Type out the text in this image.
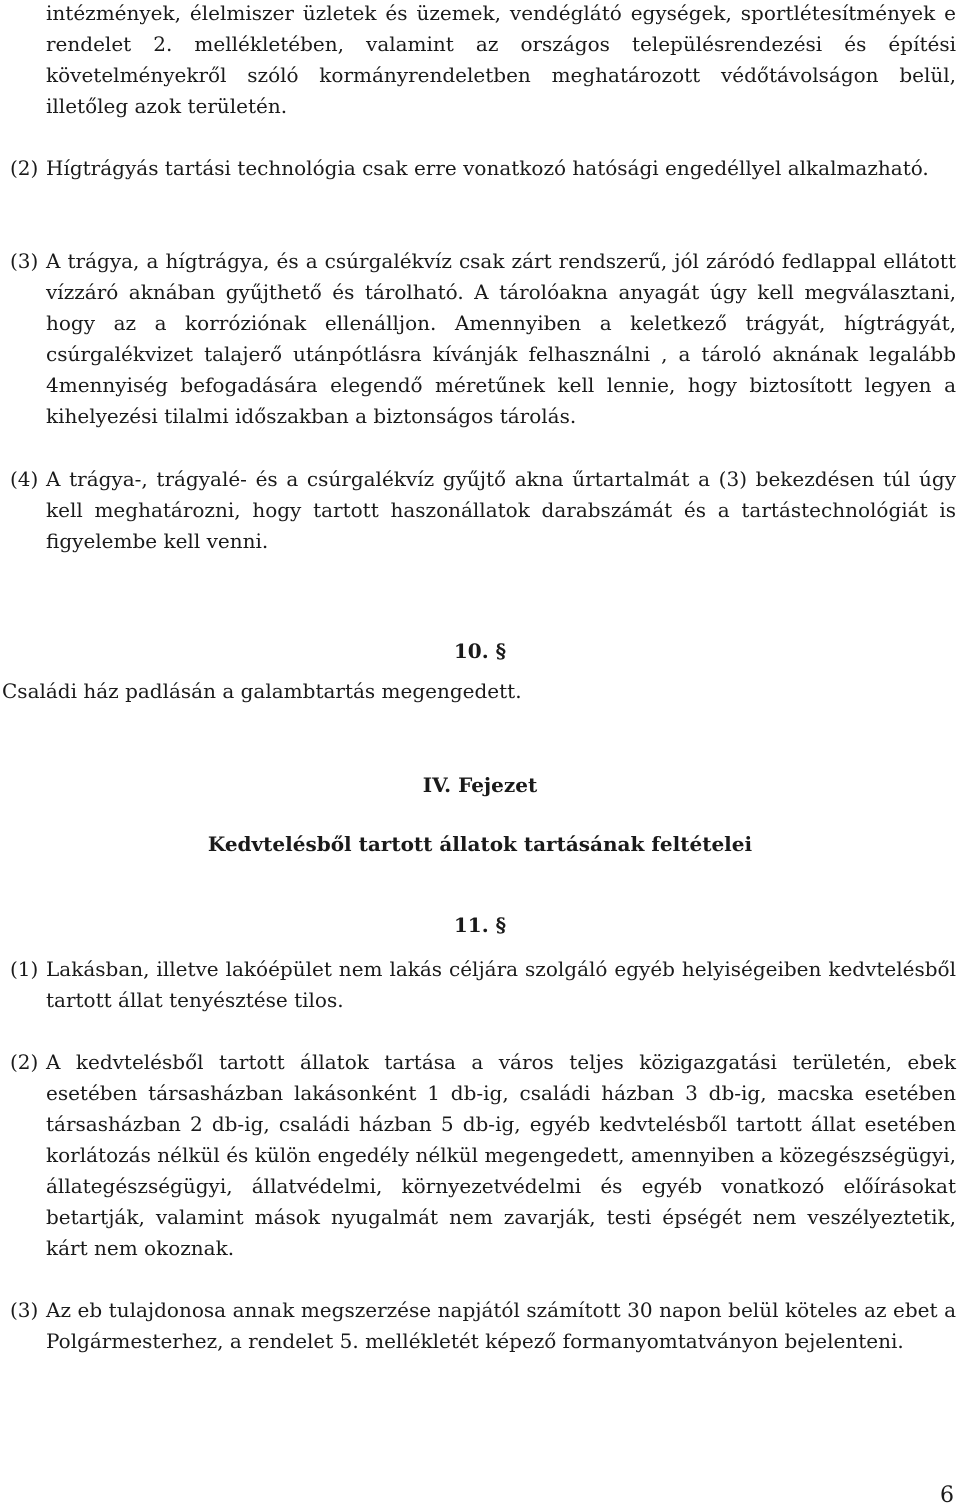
intézmények, élelmiszer üzletek és üzemek, vendéglátó egységek, sportlétesítmények e rendelet 2. mellékletében, valamint az országos településrendezési és építési követelményekről szóló kormányrendeletben meghatározott védőtávolságon belül, illetőleg azok területén.

(2) Hígtrágyás tartási technológia csak erre vonatkozó hatósági engedéllyel alkalmazható.
(3) A trágya, a hígtrágya, és a csúrgalékvíz csak zárt rendszerű, jól záródó fedlappal ellátott vízzáró aknában gyűjthető és tárolható. A tárolóakna anyagát úgy kell megválasztani, hogy az a korróziónak ellenálljon. Amennyiben a keletkező trágyát, hígtrágyát, csúrgalékvizet talajerő utánpótlásra kívánják felhasználni , a tároló aknának legalább 4mennyiség befogadására elegendő méretűnek kell lennie, hogy biztosított legyen a kihelyezési tilalmi időszakban a biztonságos tárolás.
(4) A trágya-, trágyalé- és a csúrgalékvíz gyűjtő akna űrtartalmát a (3) bekezdésen túl úgy kell meghatározni, hogy tartott haszonállatok darabszámát és a tartástechnológiát is figyelembe kell venni.

10. §

Családi ház padlásán a galambtartás megengedett.

IV. Fejezet

Kedvtelésből tartott állatok tartásának feltételei

11. §

(1) Lakásban, illetve lakóépület nem lakás céljára szolgáló egyéb helyiségeiben kedvtelésből tartott állat tenyésztése tilos.
(2) A kedvtelésből tartott állatok tartása a város teljes közigazgatási területén, ebek esetében társasházban lakásonként 1 db-ig, családi házban 3 db-ig, macska esetében társasházban 2 db-ig, családi házban 5 db-ig, egyéb kedvtelésből tartott állat esetében korlátozás nélkül és külön engedély nélkül megengedett, amennyiben a közegészségügyi, állategészségügyi, állatvédelmi, környezetvédelmi és egyéb vonatkozó előírásokat betartják, valamint mások nyugalmát nem zavarják, testi épségét nem veszélyeztetik, kárt nem okoznak.
(3) Az eb tulajdonosa annak megszerzése napjától számított 30 napon belül köteles az ebet a Polgármesterhez, a rendelet 5. mellékletét képező formanyomtatványon bejelenteni.
6
